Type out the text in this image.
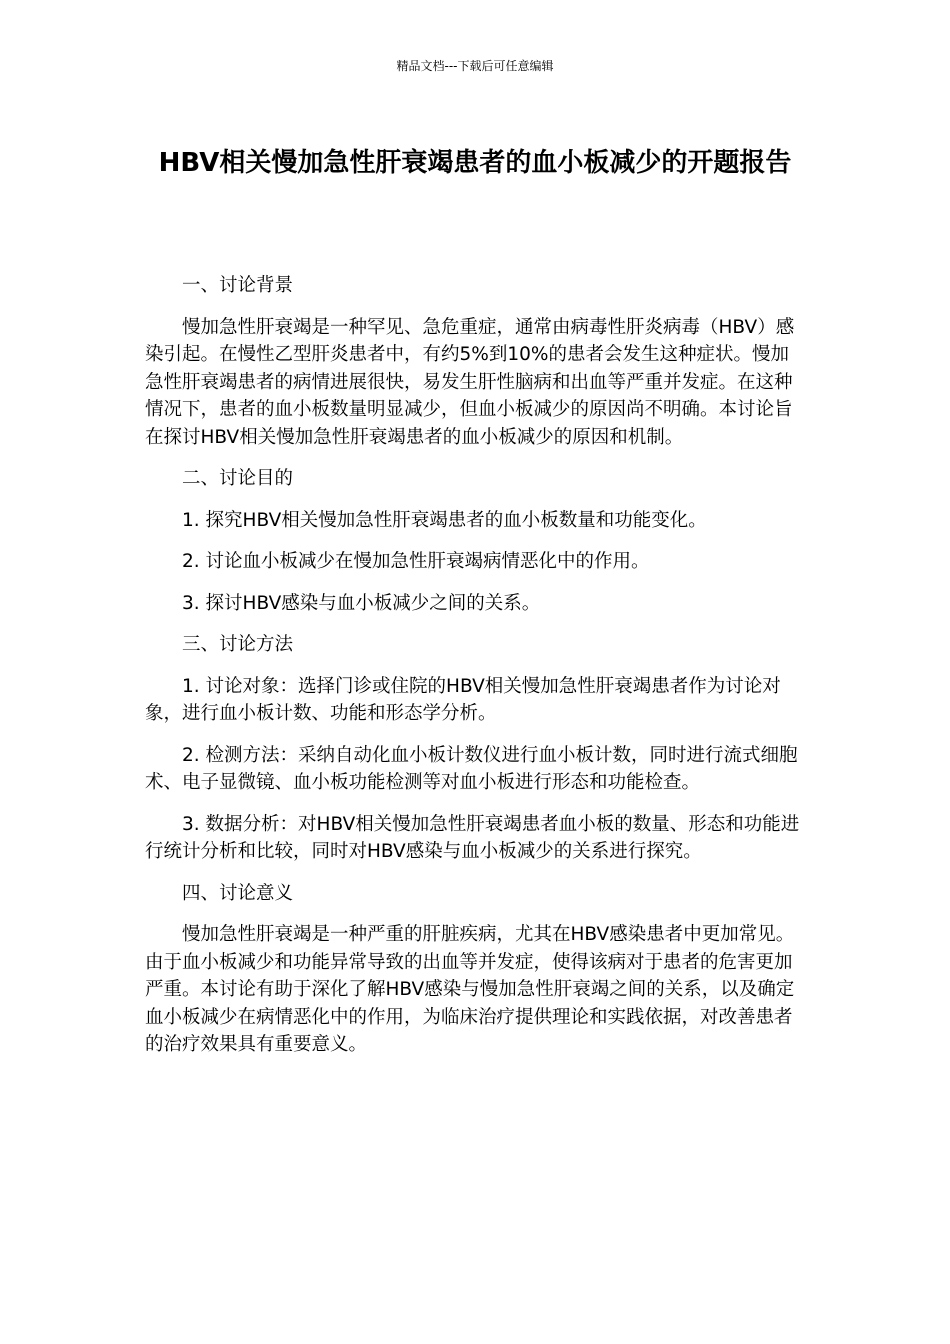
精品文档---下载后可任意编辑
HBV相关慢加急性肝衰竭患者的血小板减少的开题报告

一、讨论背景

慢加急性肝衰竭是一种罕见、急危重症，通常由病毒性肝炎病毒（HBV）感染引起。在慢性乙型肝炎患者中，有约5%到10%的患者会发生这种症状。慢加急性肝衰竭患者的病情进展很快，易发生肝性脑病和出血等严重并发症。在这种情况下，患者的血小板数量明显减少，但血小板减少的原因尚不明确。本讨论旨在探讨HBV相关慢加急性肝衰竭患者的血小板减少的原因和机制。

二、讨论目的

1. 探究HBV相关慢加急性肝衰竭患者的血小板数量和功能变化。

2. 讨论血小板减少在慢加急性肝衰竭病情恶化中的作用。

3. 探讨HBV感染与血小板减少之间的关系。

三、讨论方法

1. 讨论对象：选择门诊或住院的HBV相关慢加急性肝衰竭患者作为讨论对象，进行血小板计数、功能和形态学分析。

2. 检测方法：采纳自动化血小板计数仪进行血小板计数，同时进行流式细胞术、电子显微镜、血小板功能检测等对血小板进行形态和功能检查。

3. 数据分析：对HBV相关慢加急性肝衰竭患者血小板的数量、形态和功能进行统计分析和比较，同时对HBV感染与血小板减少的关系进行探究。

四、讨论意义

慢加急性肝衰竭是一种严重的肝脏疾病，尤其在HBV感染患者中更加常见。由于血小板减少和功能异常导致的出血等并发症，使得该病对于患者的危害更加严重。本讨论有助于深化了解HBV感染与慢加急性肝衰竭之间的关系，以及确定血小板减少在病情恶化中的作用，为临床治疗提供理论和实践依据，对改善患者的治疗效果具有重要意义。
